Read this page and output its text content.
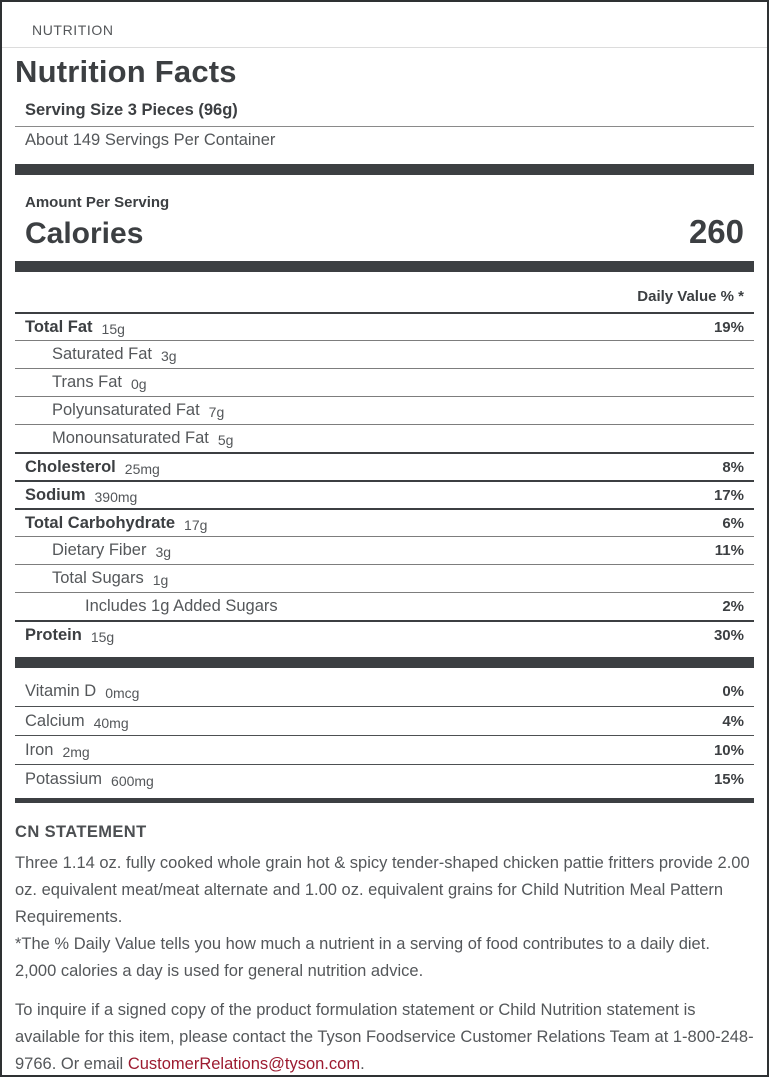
NUTRITION
Nutrition Facts
Serving Size 3 Pieces (96g)
About 149 Servings Per Container
Amount Per Serving
Calories	260
Daily Value % *
Total Fat 15g	19%
Saturated Fat 3g
Trans Fat 0g
Polyunsaturated Fat 7g
Monounsaturated Fat 5g
Cholesterol 25mg	8%
Sodium 390mg	17%
Total Carbohydrate 17g	6%
Dietary Fiber 3g	11%
Total Sugars 1g
Includes 1g Added Sugars	2%
Protein 15g	30%
Vitamin D 0mcg	0%
Calcium 40mg	4%
Iron 2mg	10%
Potassium 600mg	15%
CN STATEMENT

Three 1.14 oz. fully cooked whole grain hot & spicy tender-shaped chicken pattie fritters provide 2.00 oz. equivalent meat/meat alternate and 1.00 oz. equivalent grains for Child Nutrition Meal Pattern Requirements.

*The % Daily Value tells you how much a nutrient in a serving of food contributes to a daily diet. 2,000 calories a day is used for general nutrition advice.

To inquire if a signed copy of the product formulation statement or Child Nutrition statement is available for this item, please contact the Tyson Foodservice Customer Relations Team at 1-800-248-9766. Or email CustomerRelations@tyson.com.
